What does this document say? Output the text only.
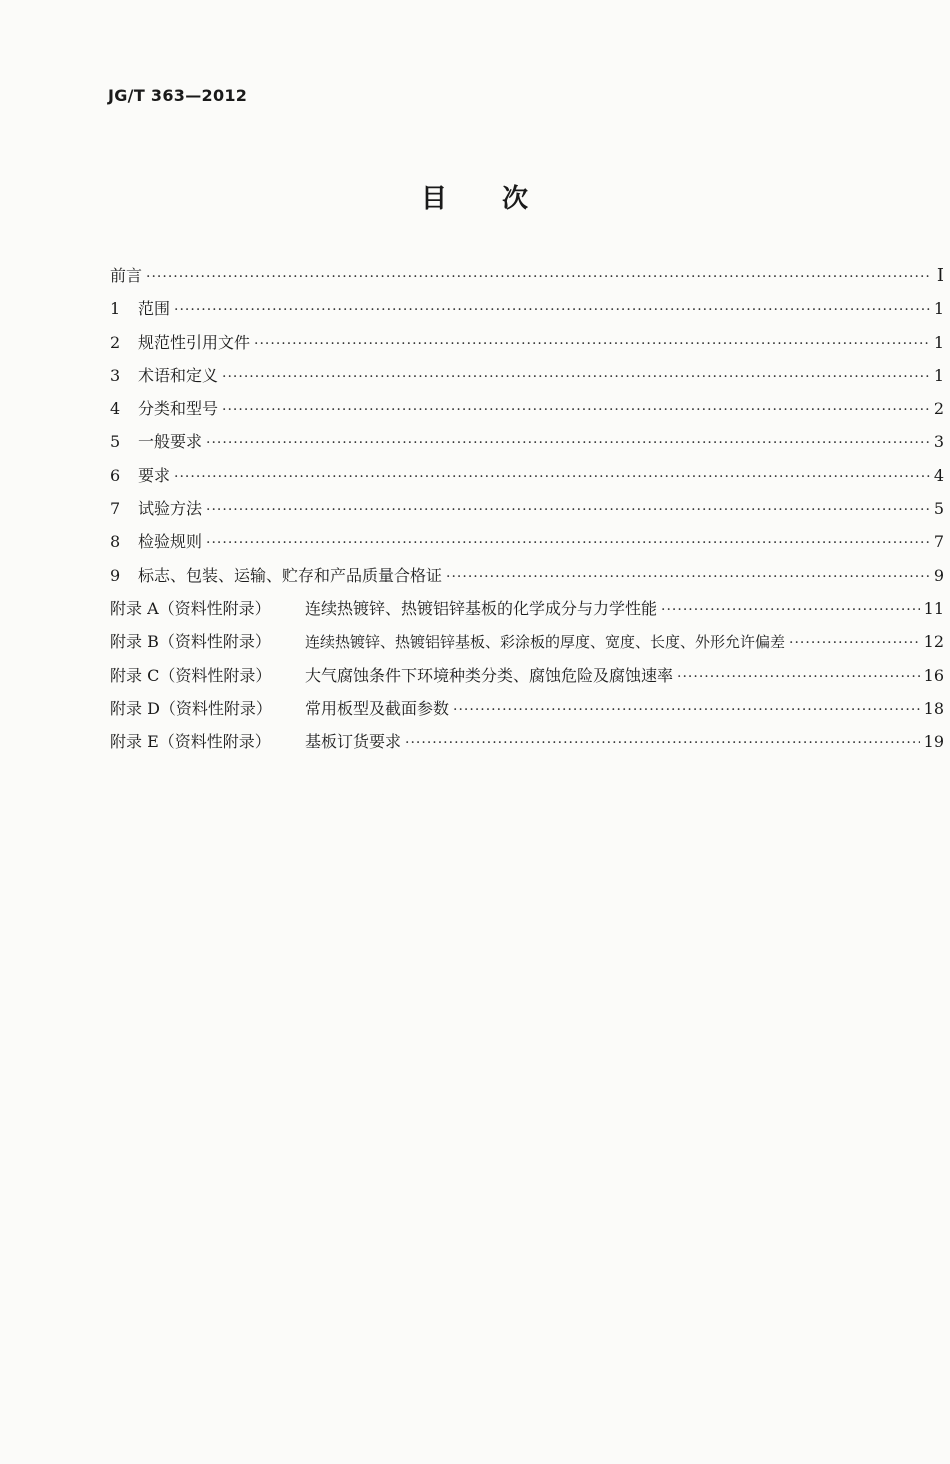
JG/T 363—2012
目　　次
前言 ·····	I
1	范围 ·····	1
2	规范性引用文件 ·····	1
3	术语和定义 ·····	1
4	分类和型号 ·····	2
5	一般要求 ·····	3
6	要求 ·····	4
7	试验方法 ·····	5
8	检验规则 ·····	7
9	标志、包装、运输、贮存和产品质量合格证 ·····	9
附录 A（资料性附录）	连续热镀锌、热镀铝锌基板的化学成分与力学性能 ·····	11
附录 B（资料性附录）	连续热镀锌、热镀铝锌基板、彩涂板的厚度、宽度、长度、外形允许偏差 ·····	12
附录 C（资料性附录）	大气腐蚀条件下环境种类分类、腐蚀危险及腐蚀速率 ·····	16
附录 D（资料性附录）	常用板型及截面参数 ·····	18
附录 E（资料性附录）	基板订货要求 ·····	19
